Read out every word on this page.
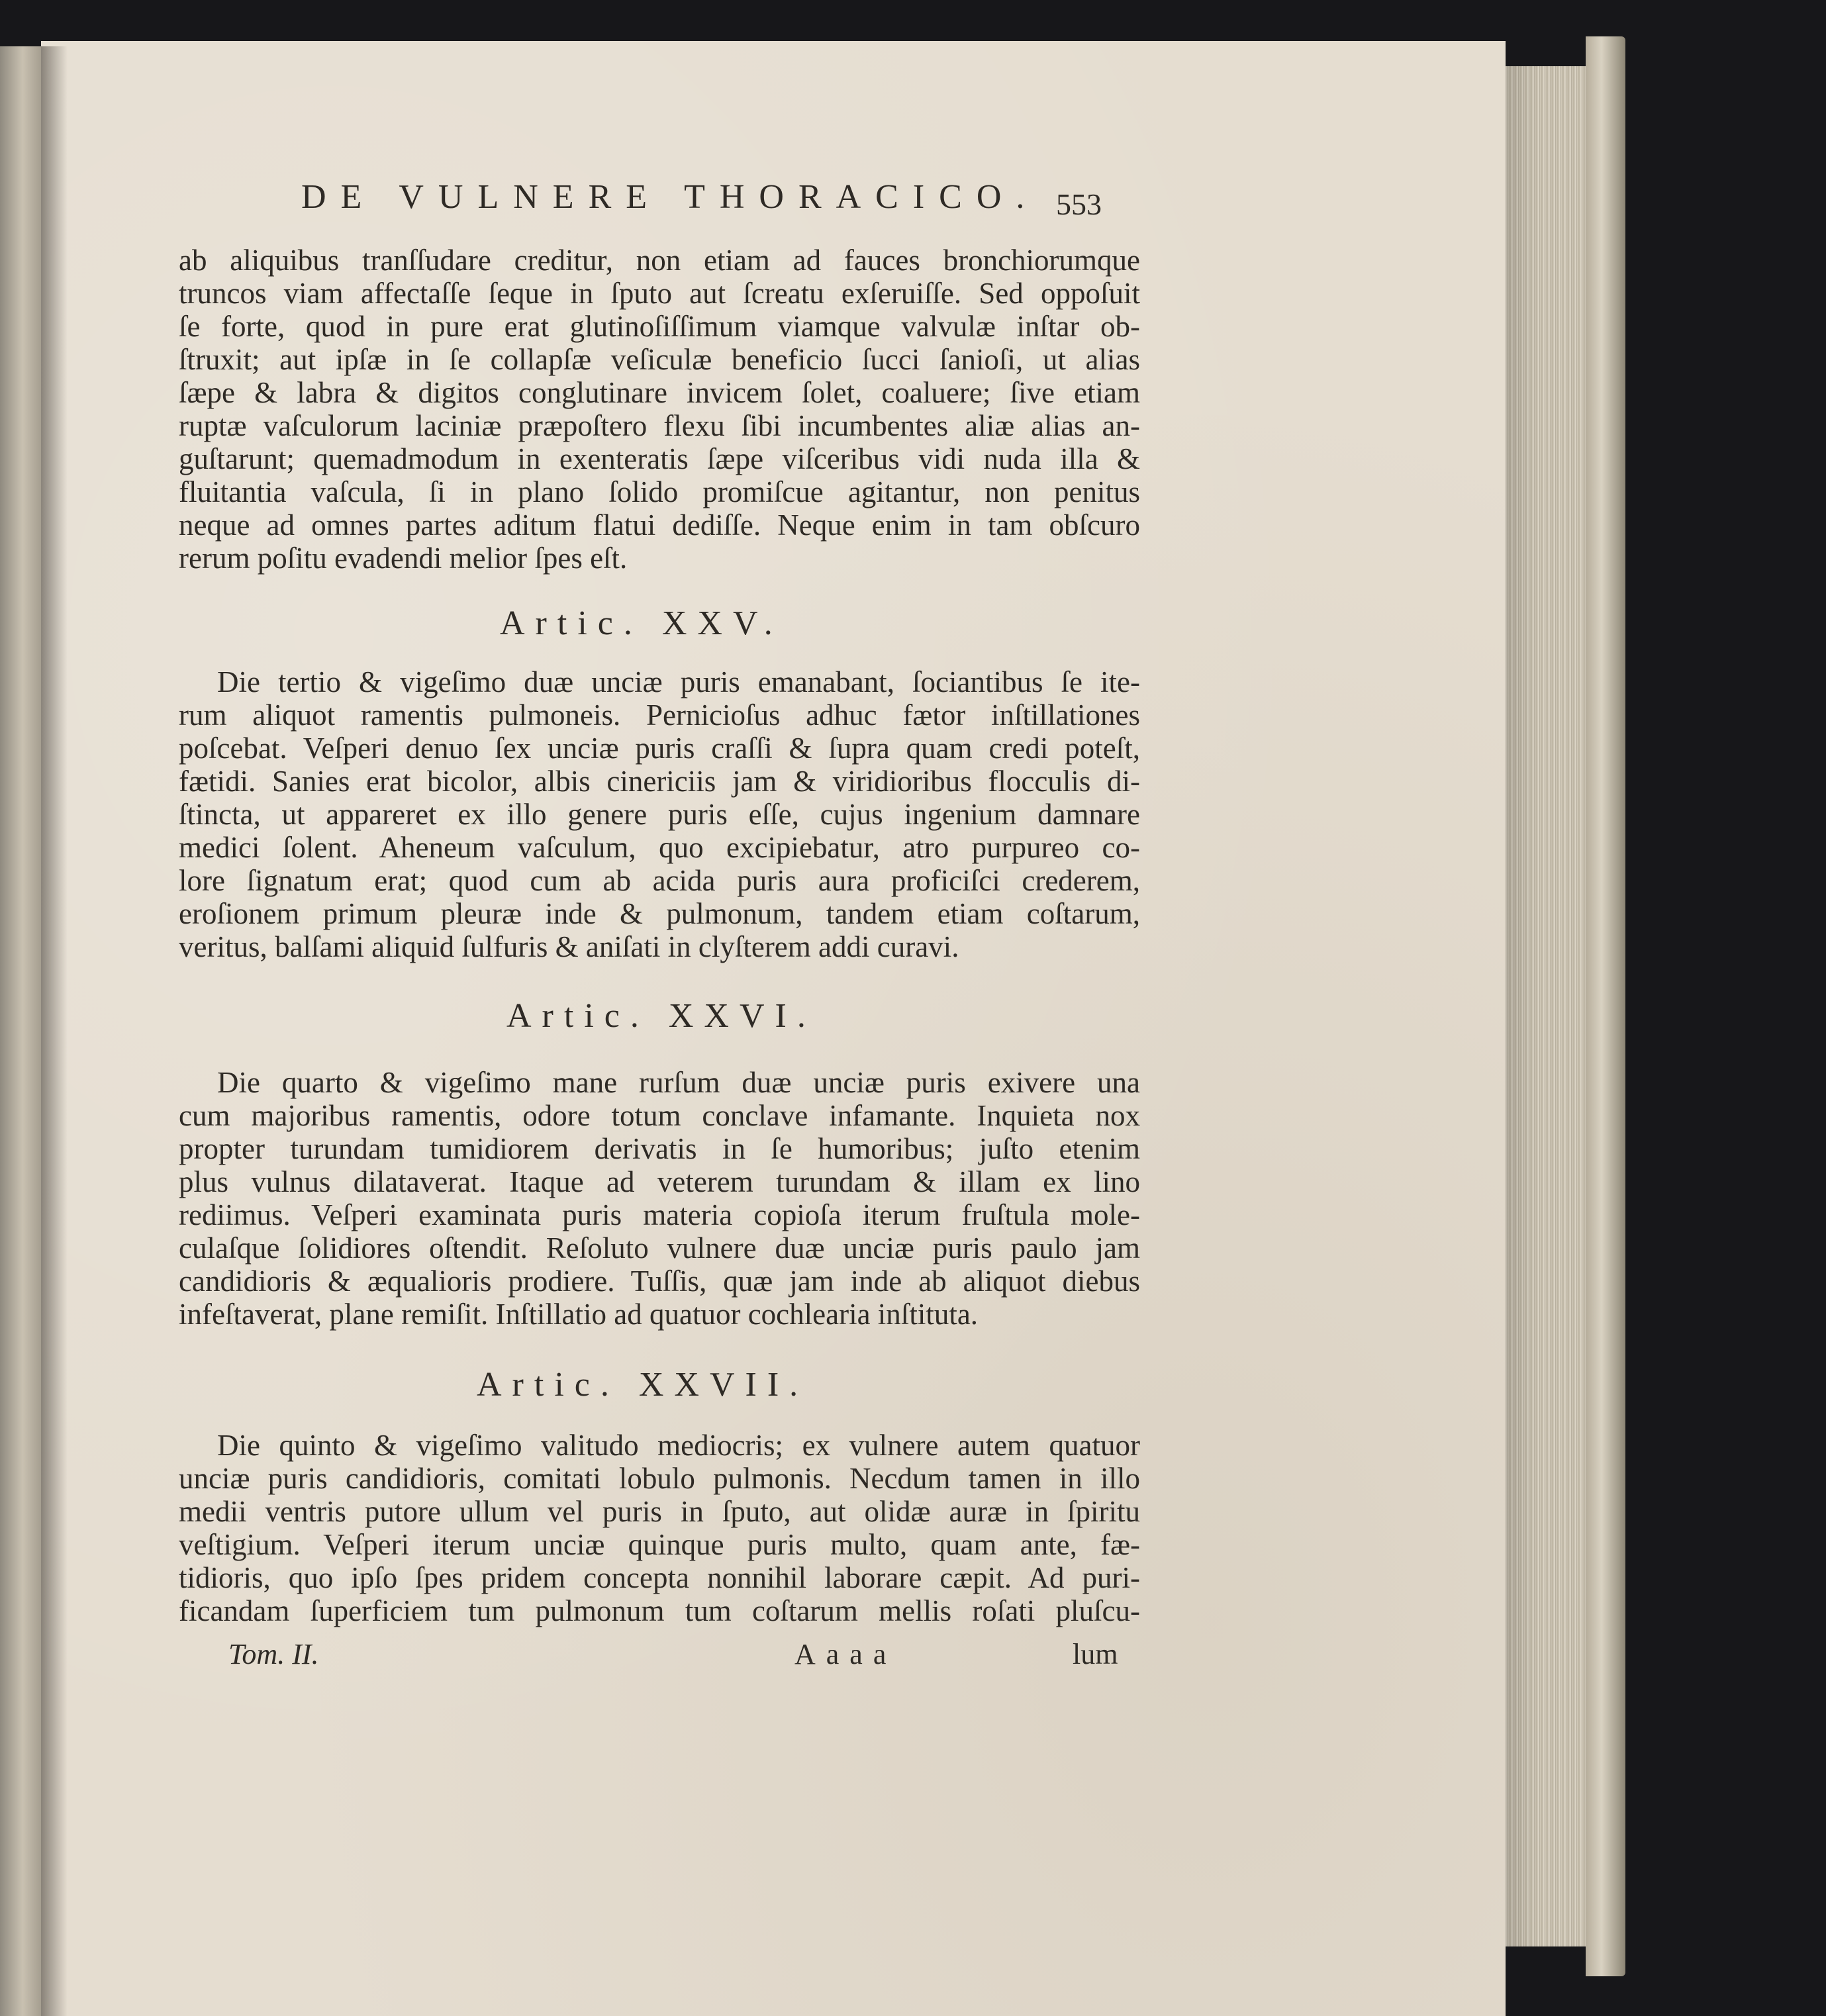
DE VULNERE THORACICO. 553
ab aliquibus tranſſudare creditur, non etiam ad fauces bronchiorumque
truncos viam affectaſſe ſeque in ſputo aut ſcreatu exſeruiſſe. Sed oppoſuit
ſe forte, quod in pure erat glutinoſiſſimum viamque valvulæ inſtar ob-
ſtruxit; aut ipſæ in ſe collapſæ veſiculæ beneficio ſucci ſanioſi, ut alias
ſæpe & labra & digitos conglutinare invicem ſolet, coaluere; ſive etiam
ruptæ vaſculorum laciniæ præpoſtero flexu ſibi incumbentes aliæ alias an-
guſtarunt; quemadmodum in exenteratis ſæpe viſceribus vidi nuda illa &
fluitantia vaſcula, ſi in plano ſolido promiſcue agitantur, non penitus
neque ad omnes partes aditum flatui dediſſe. Neque enim in tam obſcuro
rerum poſitu evadendi melior ſpes eſt.
Artic. XXV.
Die tertio & vigeſimo duæ unciæ puris emanabant, ſociantibus ſe ite-
rum aliquot ramentis pulmoneis. Pernicioſus adhuc fætor inſtillationes
poſcebat. Veſperi denuo ſex unciæ puris craſſi & ſupra quam credi poteſt,
fætidi. Sanies erat bicolor, albis cinericiis jam & viridioribus flocculis di-
ſtincta, ut appareret ex illo genere puris eſſe, cujus ingenium damnare
medici ſolent. Aheneum vaſculum, quo excipiebatur, atro purpureo co-
lore ſignatum erat; quod cum ab acida puris aura proficiſci crederem,
eroſionem primum pleuræ inde & pulmonum, tandem etiam coſtarum,
veritus, balſami aliquid ſulfuris & aniſati in clyſterem addi curavi.
Artic. XXVI.
Die quarto & vigeſimo mane rurſum duæ unciæ puris exivere una
cum majoribus ramentis, odore totum conclave infamante. Inquieta nox
propter turundam tumidiorem derivatis in ſe humoribus; juſto etenim
plus vulnus dilataverat. Itaque ad veterem turundam & illam ex lino
rediimus. Veſperi examinata puris materia copioſa iterum fruſtula mole-
culaſque ſolidiores oſtendit. Reſoluto vulnere duæ unciæ puris paulo jam
candidioris & æqualioris prodiere. Tuſſis, quæ jam inde ab aliquot diebus
infeſtaverat, plane remiſit. Inſtillatio ad quatuor cochlearia inſtituta.
Artic. XXVII.
Die quinto & vigeſimo valitudo mediocris; ex vulnere autem quatuor
unciæ puris candidioris, comitati lobulo pulmonis. Necdum tamen in illo
medii ventris putore ullum vel puris in ſputo, aut olidæ auræ in ſpiritu
veſtigium. Veſperi iterum unciæ quinque puris multo, quam ante, fæ-
tidioris, quo ipſo ſpes pridem concepta nonnihil laborare cæpit. Ad puri-
ficandam ſuperficiem tum pulmonum tum coſtarum mellis roſati pluſcu-
Tom. II.	Aaaa	lum
